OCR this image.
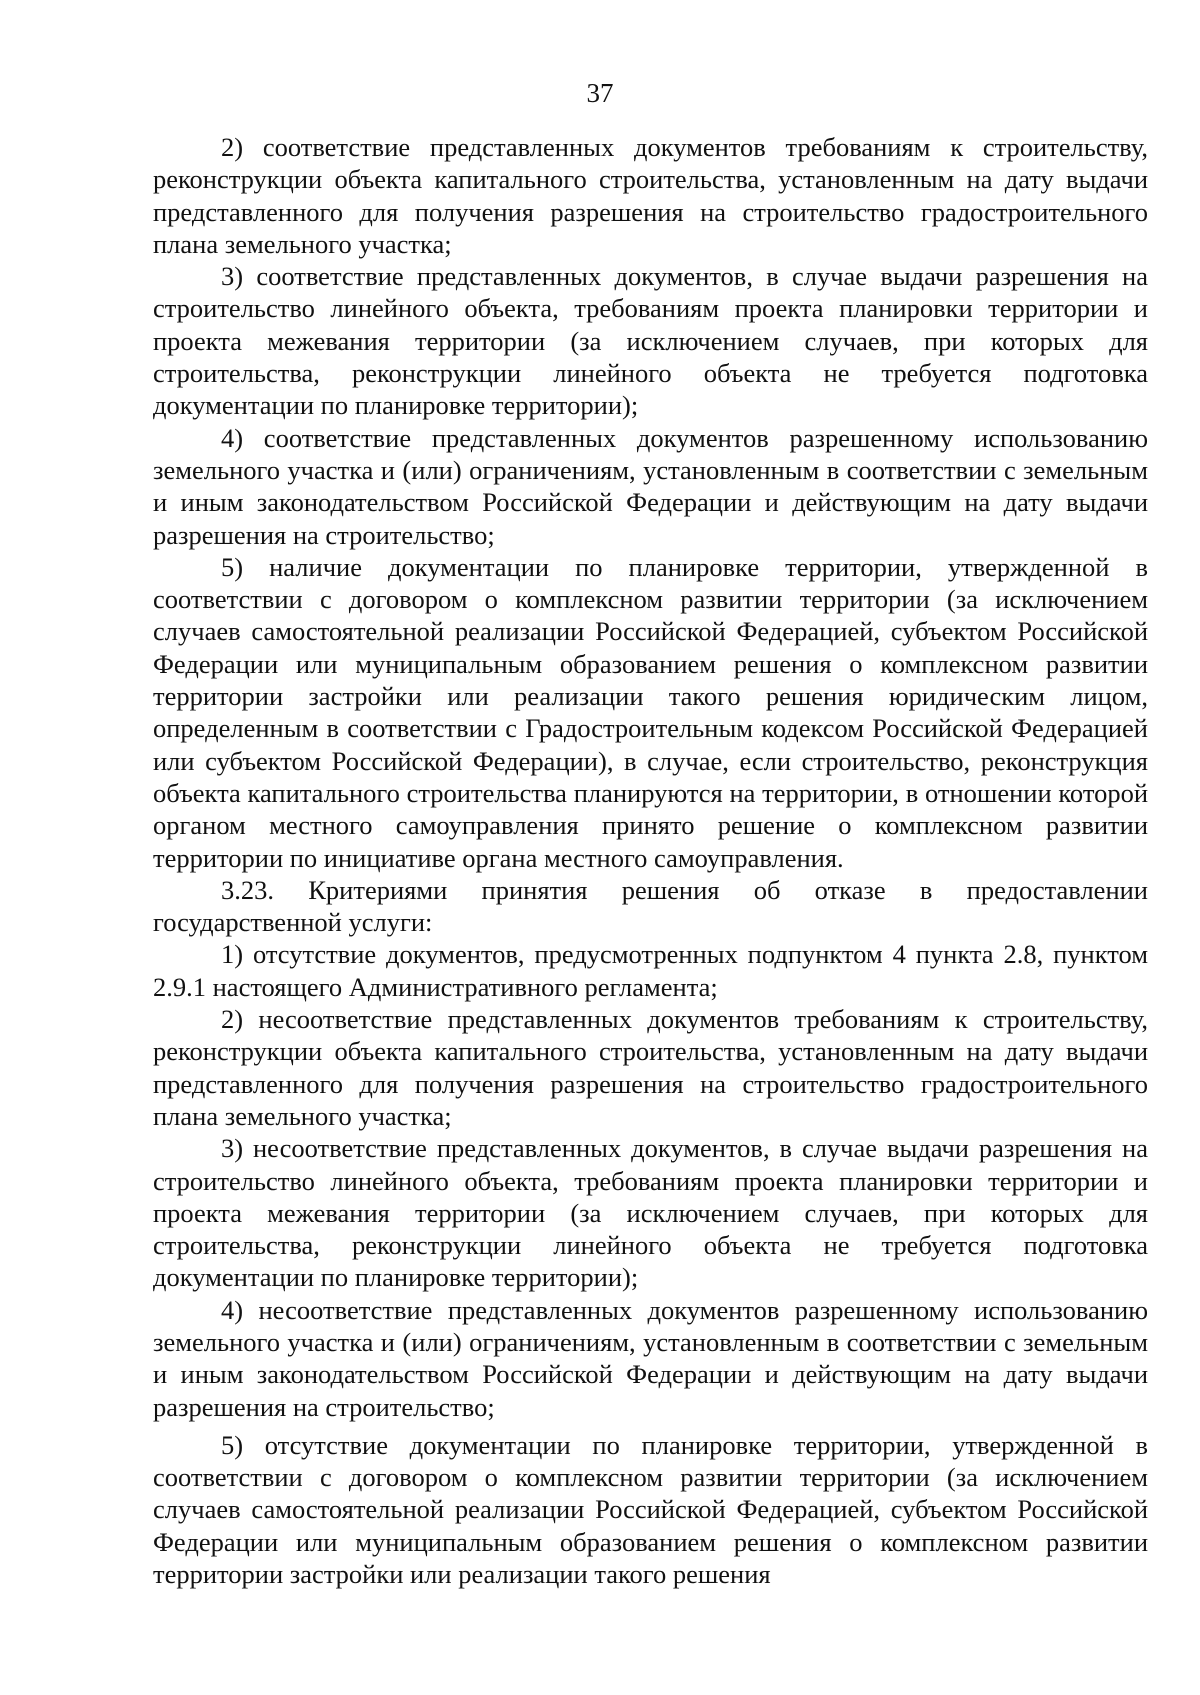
37

2) соответствие представленных документов требованиям к строительству, реконструкции объекта капитального строительства, установленным на дату выдачи представленного для получения разрешения на строительство градостроительного плана земельного участка;

3) соответствие представленных документов, в случае выдачи разрешения на строительство линейного объекта, требованиям проекта планировки территории и проекта межевания территории (за исключением случаев, при которых для строительства, реконструкции линейного объекта не требуется подготовка документации по планировке территории);

4) соответствие представленных документов разрешенному использованию земельного участка и (или) ограничениям, установленным в соответствии с земельным и иным законодательством Российской Федерации и действующим на дату выдачи разрешения на строительство;

5) наличие документации по планировке территории, утвержденной в соответствии с договором о комплексном развитии территории (за исключением случаев самостоятельной реализации Российской Федерацией, субъектом Российской Федерации или муниципальным образованием решения о комплексном развитии территории застройки или реализации такого решения юридическим лицом, определенным в соответствии с Градостроительным кодексом Российской Федерацией или субъектом Российской Федерации), в случае, если строительство, реконструкция объекта капитального строительства планируются на территории, в отношении которой органом местного самоуправления принято решение о комплексном развитии территории по инициативе органа местного самоуправления.

3.23. Критериями принятия решения об отказе в предоставлении государственной услуги:

1) отсутствие документов, предусмотренных подпунктом 4 пункта 2.8, пунктом 2.9.1 настоящего Административного регламента;

2) несоответствие представленных документов требованиям к строительству, реконструкции объекта капитального строительства, установленным на дату выдачи представленного для получения разрешения на строительство градостроительного плана земельного участка;

3) несоответствие представленных документов, в случае выдачи разрешения на строительство линейного объекта, требованиям проекта планировки территории и проекта межевания территории (за исключением случаев, при которых для строительства, реконструкции линейного объекта не требуется подготовка документации по планировке территории);

4) несоответствие представленных документов разрешенному использованию земельного участка и (или) ограничениям, установленным в соответствии с земельным и иным законодательством Российской Федерации и действующим на дату выдачи разрешения на строительство;

5) отсутствие документации по планировке территории, утвержденной в соответствии с договором о комплексном развитии территории (за исключением случаев самостоятельной реализации Российской Федерацией, субъектом Российской Федерации или муниципальным образованием решения о комплексном развитии территории застройки или реализации такого решения
